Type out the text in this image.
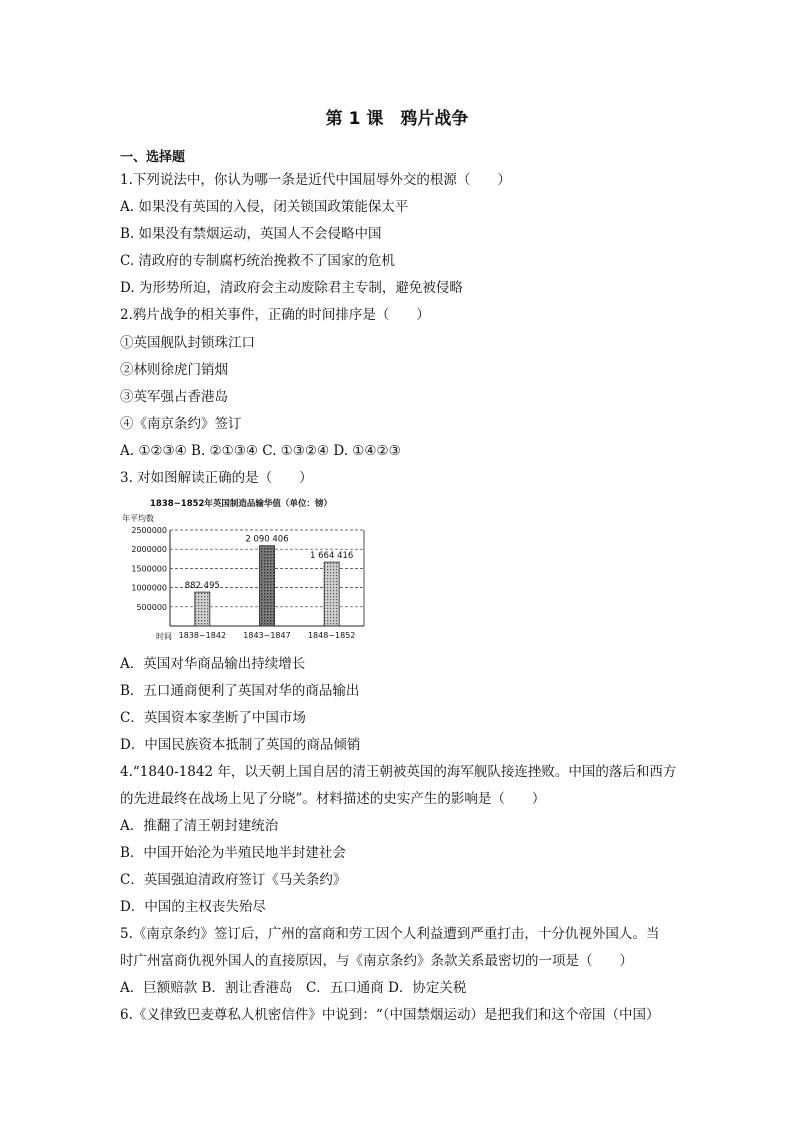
第 1 课　鸦片战争
一、选择题
1.下列说法中，你认为哪一条是近代中国屈辱外交的根源（　　）
A. 如果没有英国的入侵，闭关锁国政策能保太平
B. 如果没有禁烟运动，英国人不会侵略中国
C. 清政府的专制腐朽统治挽救不了国家的危机
D. 为形势所迫，清政府会主动废除君主专制，避免被侵略
2.鸦片战争的相关事件，正确的时间排序是（　　）
①英国舰队封锁珠江口
②林则徐虎门销烟
③英军强占香港岛
④《南京条约》签订
A. ①②③④ B. ②①③④ C. ①③②④ D. ①④②③
3. 对如图解读正确的是（　　）
1838~1852年英国制造品输华值（单位：镑）
年平均数
时间
500000
1000000
1500000
2000000
2500000
882 495
1838~1842
2 090 406
1843~1847
1 664 416
1848~1852
A．英国对华商品输出持续增长
B．五口通商便利了英国对华的商品输出
C．英国资本家垄断了中国市场
D．中国民族资本抵制了英国的商品倾销
4.“1840-1842 年，以天朝上国自居的清王朝被英国的海军舰队接连挫败。中国的落后和西方
的先进最终在战场上见了分晓”。材料描述的史实产生的影响是（　　）
A．推翻了清王朝封建统治
B．中国开始沦为半殖民地半封建社会
C．英国强迫清政府签订《马关条约》
D．中国的主权丧失殆尽
5.《南京条约》签订后，广州的富商和劳工因个人利益遭到严重打击，十分仇视外国人。当
时广州富商仇视外国人的直接原因，与《南京条约》条款关系最密切的一项是（　　）
A．巨额赔款 B．割让香港岛　C．五口通商 D．协定关税
6.《义律致巴麦尊私人机密信件》中说到：“（中国禁烟运动）是把我们和这个帝国（中国）
